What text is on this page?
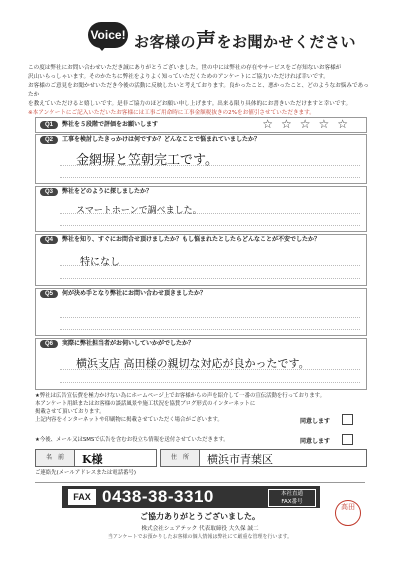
Voice! お客様の声をお聞かせください
この度は弊社にお問い合わせいただき誠にありがとうございました。世の中には弊社の存在やサービスをご存知ないお客様が
沢山いらっしゃいます。そのかたちに弊社をよりよく知っていただくためのアンケートにご協力いただければ幸いです。
お客様のご意見をお聞かせいただき今後の活動に反映したいと考えております。良かったこと、悪かったこと、どのようなお悩みであったか
を教えていただけると嬉しいです。是非ご協力のほどお願い申し上げます。出来る限り具体的にお書きいただけますと幸いです。
※本アンケートにご記入いただいたお客様には工事ご用命時に工事金額税抜きの2%をお値引させていただきます。
Q1	弊社を５段階で評価をお願いします	☆☆☆☆☆
Q2	工事を検討したきっかけは何ですか？どんなことで悩まれていましたか？
金網塀と笠朝完工です。
Q3	弊社をどのように探しましたか？
スマートホーンで調べました。
Q4	弊社を知り、すぐにお問合せ頂けましたか？もし悩まれたとしたらどんなことが不安でしたか？
特になし
Q5	何が決め手となり弊社にお問い合わせ頂きましたか？
Q6	実際に弊社担当者がお伺いしていかがでしたか？
横浜支店 高田様の親切な対応が良かったです。
★弊社は広告宣伝費を極力かけない為にホームページ上でお客様からの声を紹介して一番の宣伝活動を行っております。
本アンケート用紙またはお客様の談話風景や施工状況を協賛ブログ形式のインターネットに
掲載させて頂いております。
上記内容をインターネットや印刷物に掲載させていただく場合がございます。	同意します
★今後、メール又はSMSで広告を含むお役立ち情報を送付させていただきます。	同意します
名　前	K様	住　所	横浜市青葉区
ご連絡先(メールアドレスまたは電話番号)
FAX 0438-38-3310	本社直通
FAX番号
ご協力ありがとうございました。
株式会社シェアテック 代表取締役 大久保 誠二
当アンケートでお預かりしたお客様の個人情報は弊社にて厳重な管理を行います。
高田
